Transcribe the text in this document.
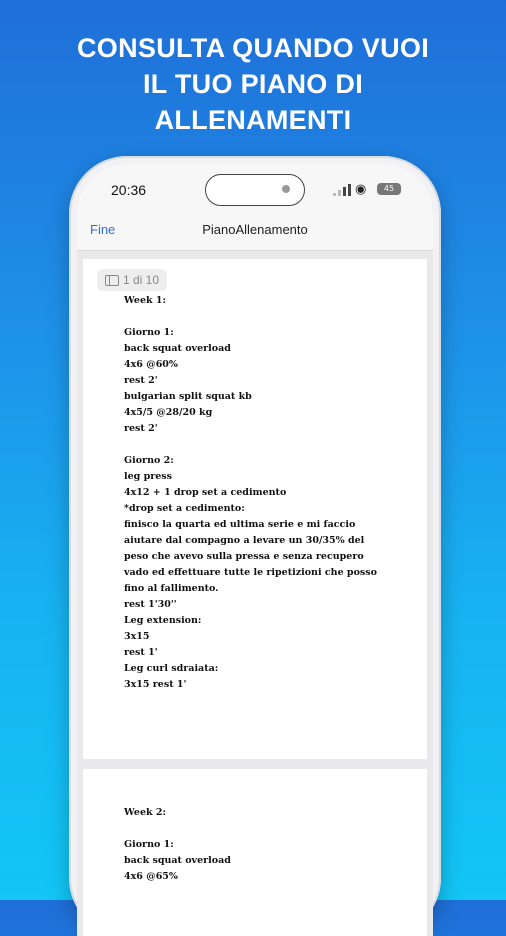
CONSULTA QUANDO VUOI
IL TUO PIANO DI
ALLENAMENTI
20:36	◉	45
Fine	PianoAllenamento
1 di 10
Week 1:

Giorno 1:
back squat overload
4x6 @60%
rest 2'
bulgarian split squat kb
4x5/5 @28/20 kg
rest 2'

Giorno 2:
leg press
4x12 + 1 drop set a cedimento
*drop set a cedimento:
finisco la quarta ed ultima serie e mi faccio
aiutare dal compagno a levare un 30/35% del
peso che avevo sulla pressa e senza recupero
vado ed effettuare tutte le ripetizioni che posso
fino al fallimento.
rest 1'30''
Leg extension:
3x15
rest 1'
Leg curl sdraiata:
3x15 rest 1'
Week 2:

Giorno 1:
back squat overload
4x6 @65%
